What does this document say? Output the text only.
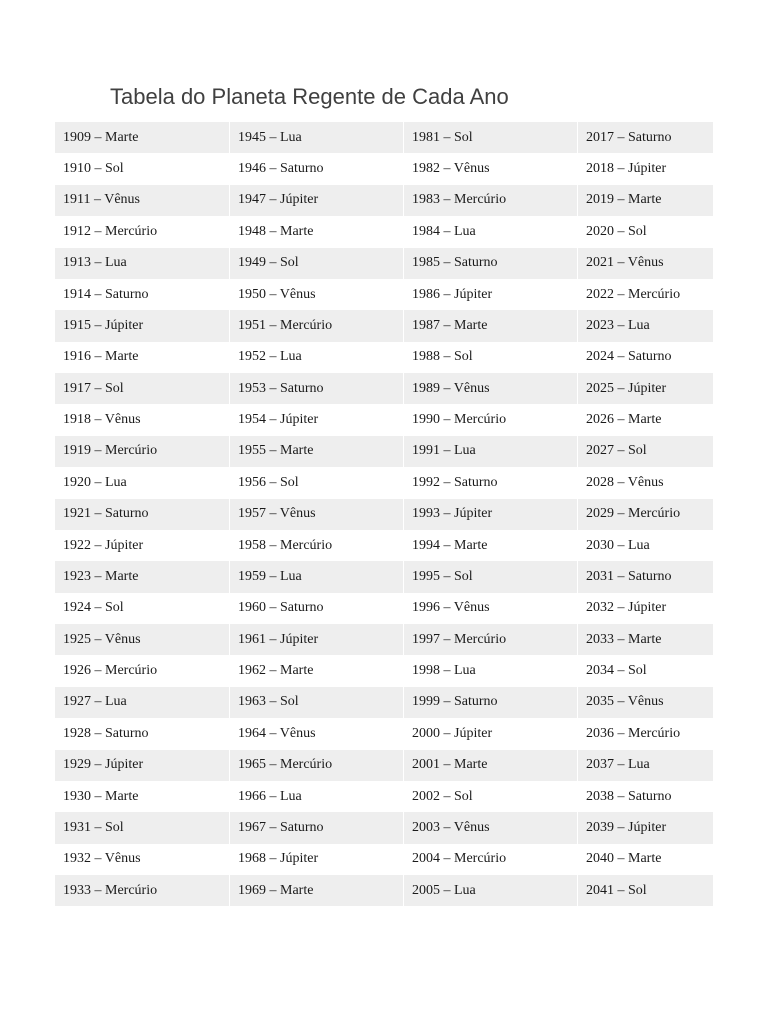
Tabela do Planeta Regente de Cada Ano
1909 – Marte	1945 – Lua	1981 – Sol	2017 – Saturno
1910 – Sol	1946 – Saturno	1982 – Vênus	2018 – Júpiter
1911 – Vênus	1947 – Júpiter	1983 – Mercúrio	2019 – Marte
1912 – Mercúrio	1948 – Marte	1984 – Lua	2020 – Sol
1913 – Lua	1949 – Sol	1985 – Saturno	2021 – Vênus
1914 – Saturno	1950 – Vênus	1986 – Júpiter	2022 – Mercúrio
1915 – Júpiter	1951 – Mercúrio	1987 – Marte	2023 – Lua
1916 – Marte	1952 – Lua	1988 – Sol	2024 – Saturno
1917 – Sol	1953 – Saturno	1989 – Vênus	2025 – Júpiter
1918 – Vênus	1954 – Júpiter	1990 – Mercúrio	2026 – Marte
1919 – Mercúrio	1955 – Marte	1991 – Lua	2027 – Sol
1920 – Lua	1956 – Sol	1992 – Saturno	2028 – Vênus
1921 – Saturno	1957 – Vênus	1993 – Júpiter	2029 – Mercúrio
1922 – Júpiter	1958 – Mercúrio	1994 – Marte	2030 – Lua
1923 – Marte	1959 – Lua	1995 – Sol	2031 – Saturno
1924 – Sol	1960 – Saturno	1996 – Vênus	2032 – Júpiter
1925 – Vênus	1961 – Júpiter	1997 – Mercúrio	2033 – Marte
1926 – Mercúrio	1962 – Marte	1998 – Lua	2034 – Sol
1927 – Lua	1963 – Sol	1999 – Saturno	2035 – Vênus
1928 – Saturno	1964 – Vênus	2000 – Júpiter	2036 – Mercúrio
1929 – Júpiter	1965 – Mercúrio	2001 – Marte	2037 – Lua
1930 – Marte	1966 – Lua	2002 – Sol	2038 – Saturno
1931 – Sol	1967 – Saturno	2003 – Vênus	2039 – Júpiter
1932 – Vênus	1968 – Júpiter	2004 – Mercúrio	2040 – Marte
1933 – Mercúrio	1969 – Marte	2005 – Lua	2041 – Sol
